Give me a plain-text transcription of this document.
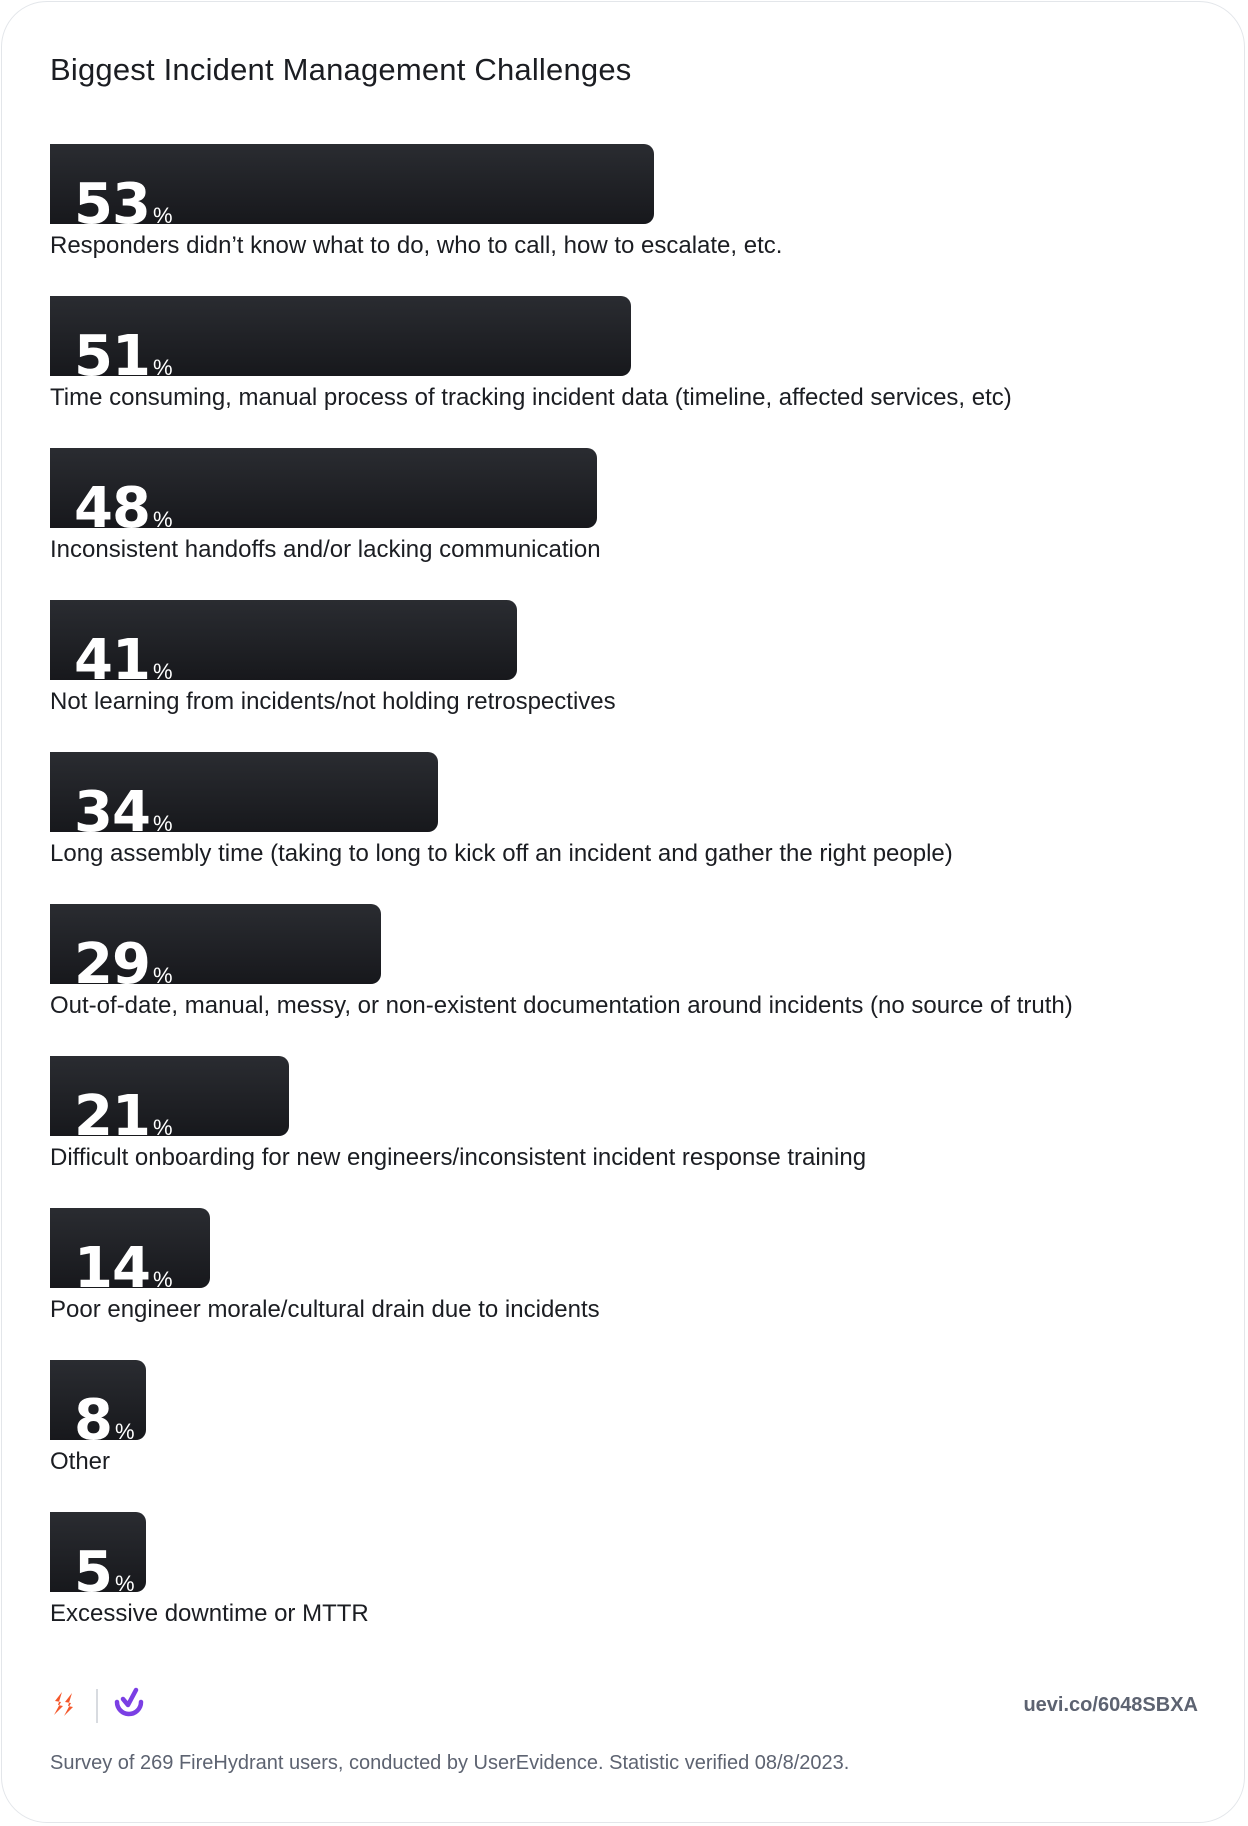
Biggest Incident Management Challenges
53 %
Responders didn’t know what to do, who to call, how to escalate, etc.
51 %
Time consuming, manual process of tracking incident data (timeline, affected services, etc)
48 %
Inconsistent handoffs and/or lacking communication
41 %
Not learning from incidents/not holding retrospectives
34 %
Long assembly time (taking to long to kick off an incident and gather the right people)
29 %
Out-of-date, manual, messy, or non-existent documentation around incidents (no source of truth)
21 %
Difficult onboarding for new engineers/inconsistent incident response training
14 %
Poor engineer morale/cultural drain due to incidents
8 %
Other
5 %
Excessive downtime or MTTR
uevi.co/6048SBXA
Survey of 269 FireHydrant users, conducted by UserEvidence. Statistic verified 08/8/2023.
